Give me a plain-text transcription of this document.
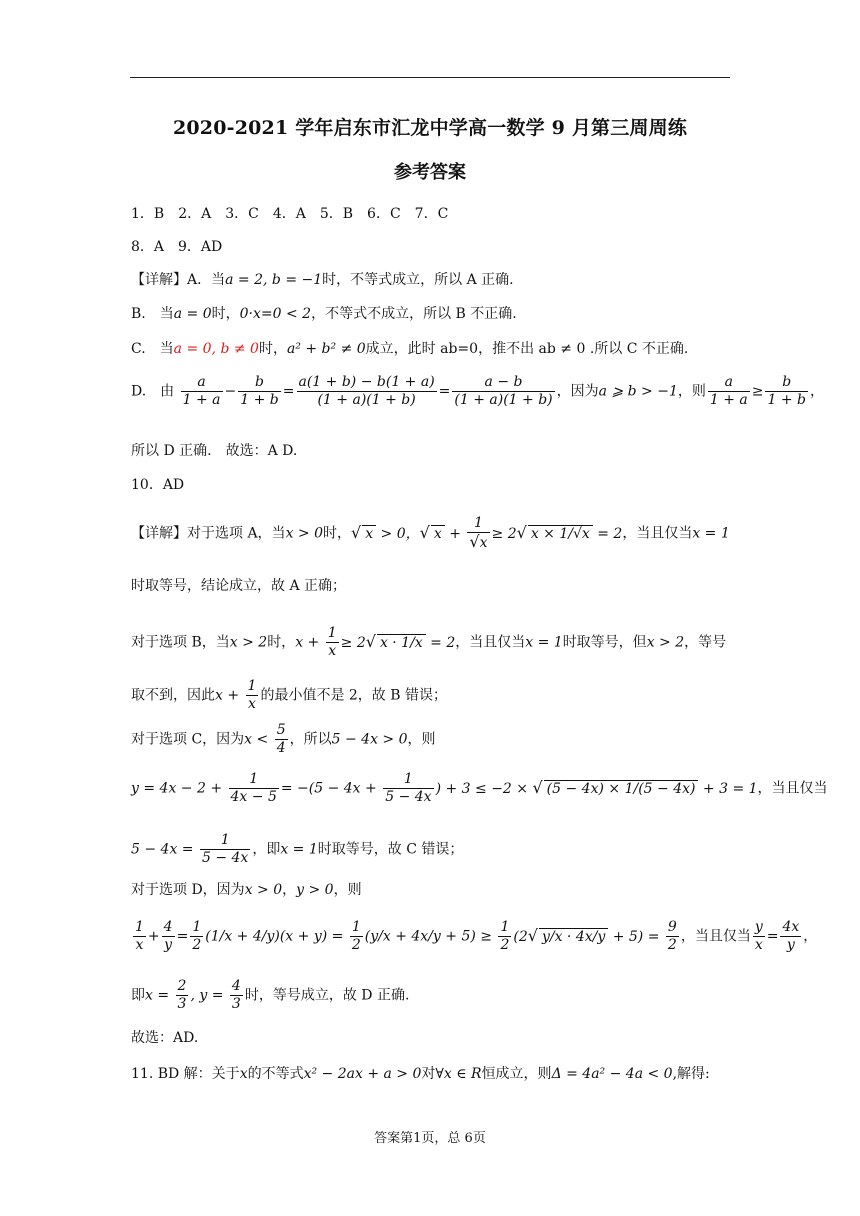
2020-2021 学年启东市汇龙中学高一数学 9 月第三周周练
参考答案
1．B　2．A　3．C　4．A　5．B　6．C　7．C
8．A　9．AD
【详解】A．当a = 2, b = −1时，不等式成立，所以 A 正确.
B.　当a = 0时，0·x=0 < 2，不等式不成立，所以 B 不正确.
C.　当a = 0, b ≠ 0时，a² + b² ≠ 0成立，此时 ab=0，推不出 ab ≠ 0 .所以 C 不正确.
D.　由 $\frac{a}{1 + a} - \frac{b}{1 + b} = \frac{a(1 + b) - b(1 + a)}{(1 + a)(1 + b)} = \frac{a - b}{(1 + a)(1 + b)}$ ，因为a ⩾ b > −1，则 $\frac{a}{1 + a} \ge \frac{b}{1 + b}$ ，
所以 D 正确.　故选：A D.
10．AD
【详解】对于选项 A，当x > 0时，√ x > 0，√ $x + \frac{1}{√x} \ge 2√$ x × 1/√x = 2，当且仅当x = 1
时取等号，结论成立，故 A 正确；
对于选项 B，当x > 2时，$x + \frac{1}{x} \ge 2√$ x · 1/x = 2，当且仅当x = 1时取等号，但x > 2，等号
取不到，因此$x + \frac{1}{x}$ 的最小值不是 2，故 B 错误；
对于选项 C，因为$x < \frac{5}{4}$ ，所以5 − 4x > 0，则
$y = 4x - 2 + \frac{1}{4x - 5} = -(5 - 4x + \frac{1}{5 - 4x}$ ) + 3 ≤ −2 × √ (5 − 4x) × 1/(5 − 4x) + 3 = 1，当且仅当
$5 - 4x = \frac{1}{5 - 4x}$ ，即x = 1时取等号，故 C 错误；
对于选项 D，因为x > 0，y > 0，则
$\frac{1}{x} + \frac{4}{y} = \frac{1}{2} (1/x + 4/y)(x + y) = \frac{1}{2} (y/x + 4x/y + 5) \ge \frac{1}{2} (2√$ $y/x \cdot 4x/y + 5) = \frac{9}{2}$ ，当且仅当 $\frac{y}{x} = \frac{4x}{y}$ ，
即$x = \frac{2}{3}$ , $y = \frac{4}{3}$ 时，等号成立，故 D 正确.
故选：AD.
11. BD 解：关于x的不等式x² − 2ax + a > 0对∀x ∈ R恒成立，则Δ = 4a² − 4a < 0,解得:
答案第1页，总 6页
